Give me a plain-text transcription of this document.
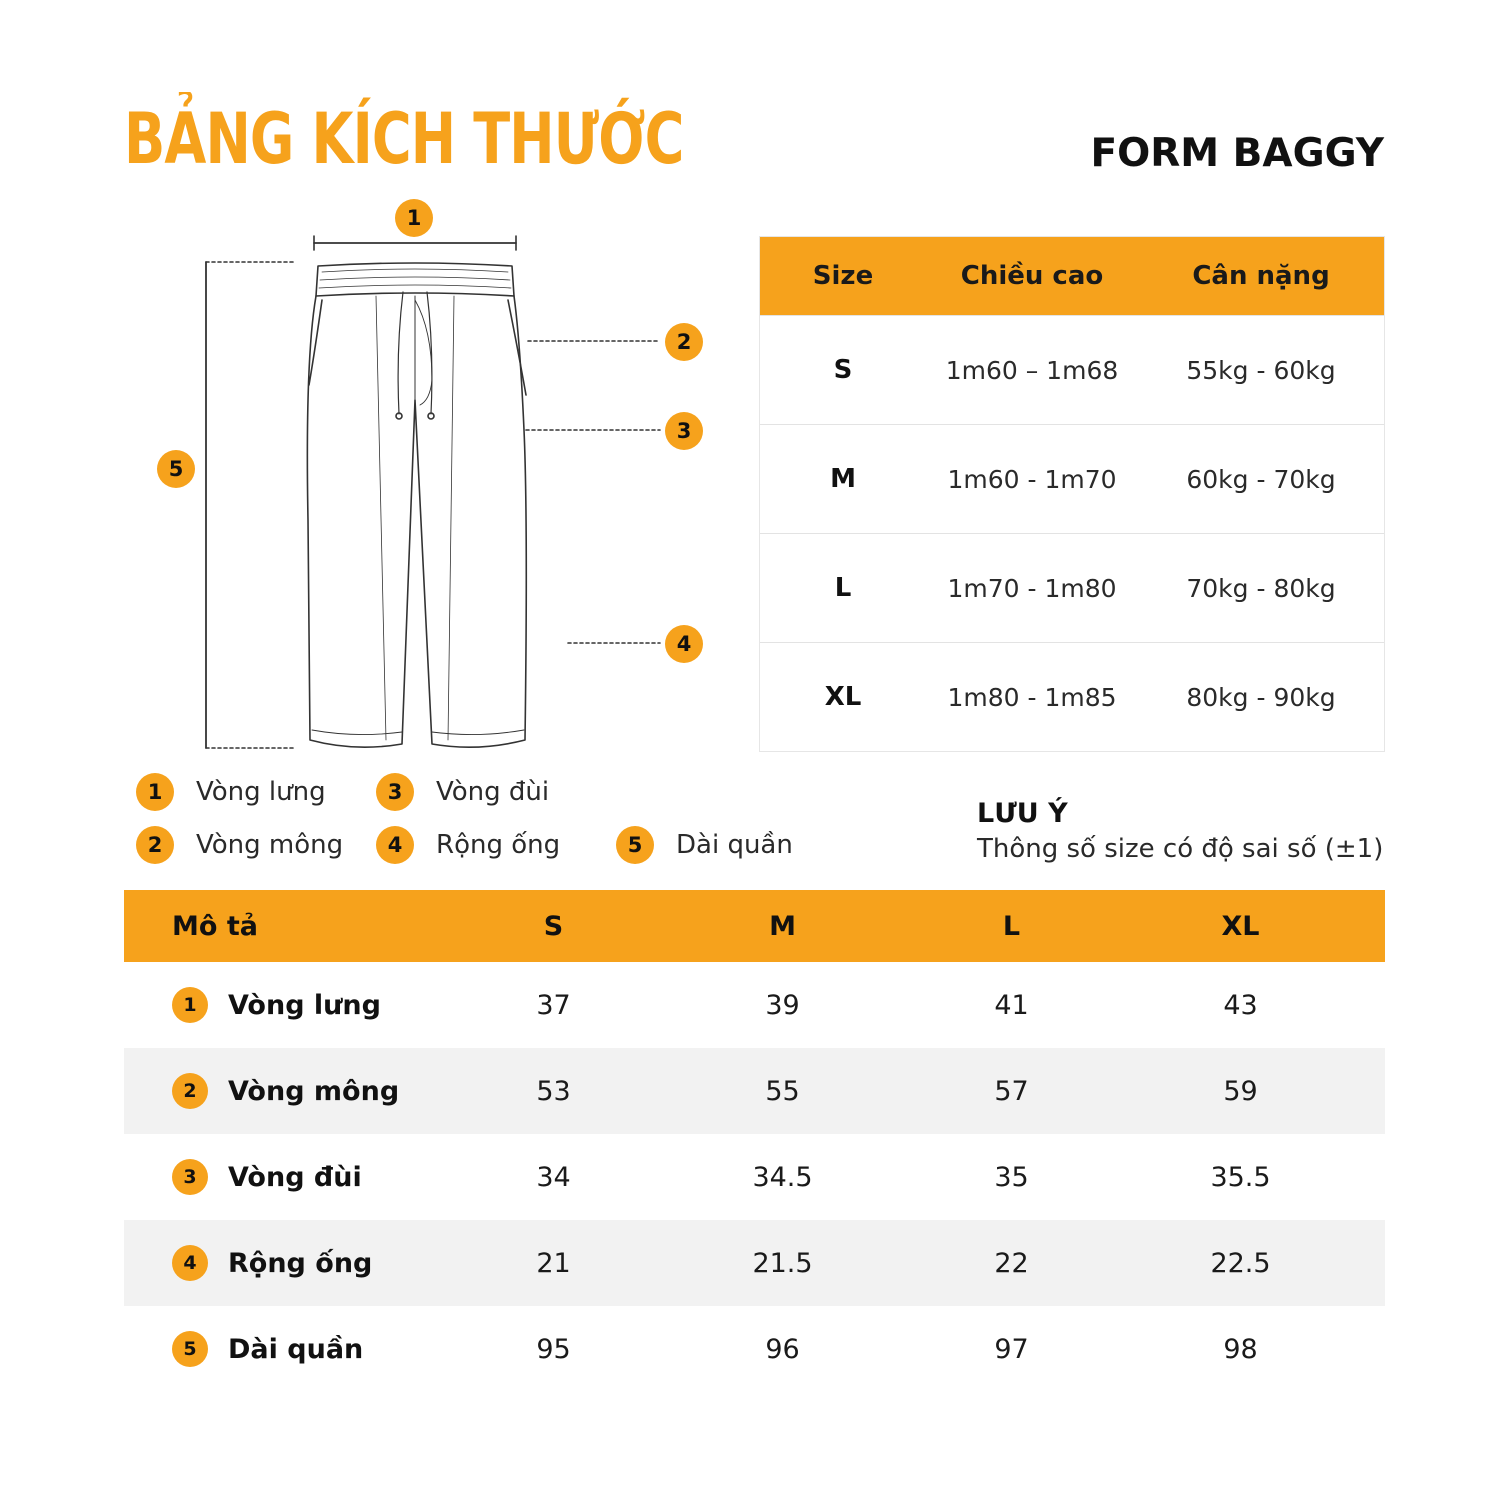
BẢNG KÍCH THƯỚC	FORM BAGGY
1
2
3
4
5
Size	Chiều cao	Cân nặng
S	1m60 – 1m68	55kg - 60kg
M	1m60 - 1m70	60kg - 70kg
L	1m70 - 1m80	70kg - 80kg
XL	1m80 - 1m85	80kg - 90kg
1	Vòng lưng	3	Vòng đùi
2	Vòng mông	4	Rộng ống	5	Dài quần
LƯU Ý
Thông số size có độ sai số (±1)
Mô tả	S	M	L	XL
1	Vòng lưng	37	39	41	43
2	Vòng mông	53	55	57	59
3	Vòng đùi	34	34.5	35	35.5
4	Rộng ống	21	21.5	22	22.5
5	Dài quần	95	96	97	98
